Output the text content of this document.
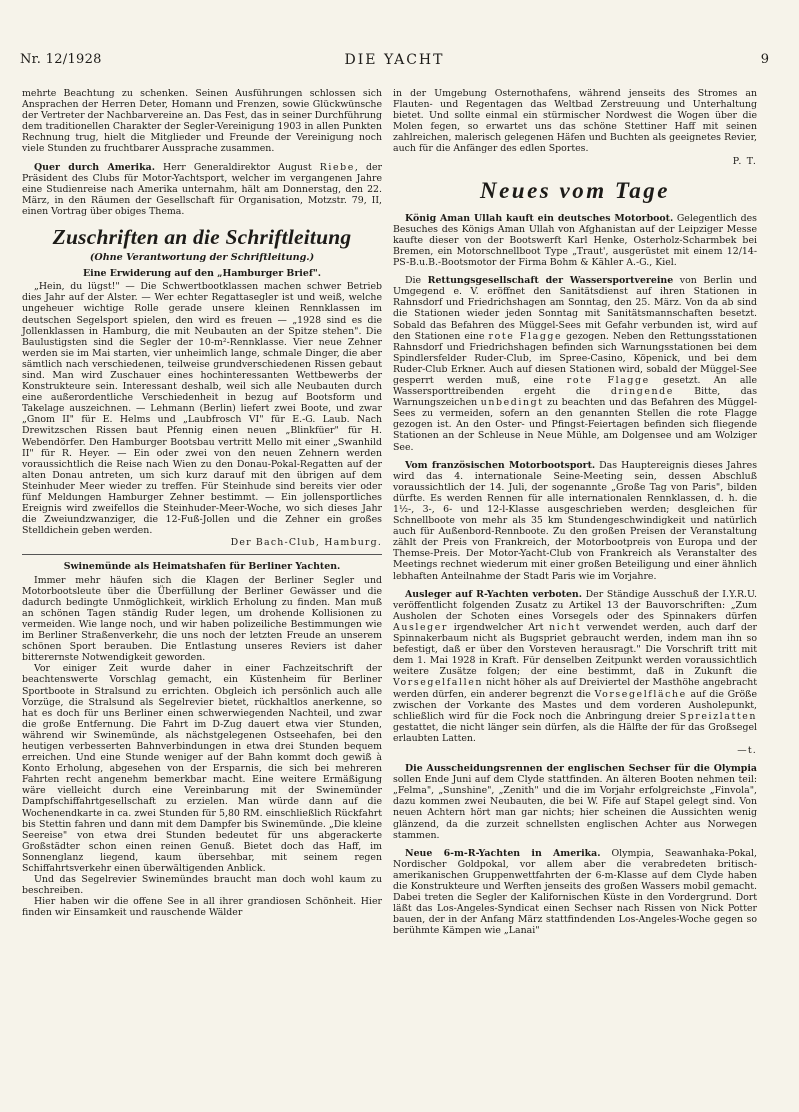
Nr. 12/1928	DIE YACHT	9

mehrte Beachtung zu schenken. Seinen Ausführungen schlossen sich Ansprachen der Herren Deter, Homann und Frenzen, sowie Glückwünsche der Vertreter der Nachbarvereine an. Das Fest, das in seiner Durchführung dem traditionellen Charakter der Segler-Vereinigung 1903 in allen Punkten Rechnung trug, hielt die Mitglieder und Freunde der Vereinigung noch viele Stunden zu fruchtbarer Aussprache zusammen.

Quer durch Amerika. Herr Generaldirektor August Riebe, der Präsident des Clubs für Motor-Yachtsport, welcher im vergangenen Jahre eine Studienreise nach Amerika unternahm, hält am Donnerstag, den 22. März, in den Räumen der Gesellschaft für Organisation, Motzstr. 79, II, einen Vortrag über obiges Thema.

Zuschriften an die Schriftleitung
(Ohne Verantwortung der Schriftleitung.)
Eine Erwiderung auf den „Hamburger Brief".

„Hein, du lügst!" — Die Schwertbootklassen machen schwer Betrieb dies Jahr auf der Alster. — Wer echter Regattasegler ist und weiß, welche ungeheuer wichtige Rolle gerade unsere kleinen Rennklassen im deutschen Segelsport spielen, den wird es freuen — „1928 sind es die Jollenklassen in Hamburg, die mit Neubauten an der Spitze stehen". Die Baulustigsten sind die Segler der 10-m²-Rennklasse. Vier neue Zehner werden sie im Mai starten, vier unheimlich lange, schmale Dinger, die aber sämtlich nach verschiedenen, teilweise grundverschiedenen Rissen gebaut sind. Man wird Zuschauer eines hochinteressanten Wettbewerbs der Konstrukteure sein. Interessant deshalb, weil sich alle Neubauten durch eine außerordentliche Verschiedenheit in bezug auf Bootsform und Takelage auszeichnen. — Lehmann (Berlin) liefert zwei Boote, und zwar „Gnom II" für E. Helms und „Laubfrosch VI" für E.-G. Laub. Nach Drewitzschen Rissen baut Pfennig einen neuen „Blinkfüer" für H. Webendörfer. Den Hamburger Bootsbau vertritt Mello mit einer „Swanhild II" für R. Heyer. — Ein oder zwei von den neuen Zehnern werden voraussichtlich die Reise nach Wien zu den Donau-Pokal-Regatten auf der alten Donau antreten, um sich kurz darauf mit den übrigen auf dem Steinhuder Meer wieder zu treffen. Für Steinhude sind bereits vier oder fünf Meldungen Hamburger Zehner bestimmt. — Ein jollensportliches Ereignis wird zweifellos die Steinhuder-Meer-Woche, wo sich dieses Jahr die Zweiundzwanziger, die 12-Fuß-Jollen und die Zehner ein großes Stelldichein geben werden.

Der Bach-Club, Hamburg.

Swinemünde als Heimatshafen für Berliner Yachten.

Immer mehr häufen sich die Klagen der Berliner Segler und Motorbootsleute über die Überfüllung der Berliner Gewässer und die dadurch bedingte Unmöglichkeit, wirklich Erholung zu finden. Man muß an schönen Tagen ständig Ruder legen, um drohende Kollisionen zu vermeiden. Wie lange noch, und wir haben polizeiliche Bestimmungen wie im Berliner Straßenverkehr, die uns noch der letzten Freude an unserem schönen Sport berauben. Die Entlastung unseres Reviers ist daher bitterernste Notwendigkeit geworden.

Vor einiger Zeit wurde daher in einer Fachzeitschrift der beachtenswerte Vorschlag gemacht, ein Küstenheim für Berliner Sportboote in Stralsund zu errichten. Obgleich ich persönlich auch alle Vorzüge, die Stralsund als Segelrevier bietet, rückhaltlos anerkenne, so hat es doch für uns Berliner einen schwerwiegenden Nachteil, und zwar die große Entfernung. Die Fahrt im D-Zug dauert etwa vier Stunden, während wir Swinemünde, als nächstgelegenen Ostseehafen, bei den heutigen verbesserten Bahnverbindungen in etwa drei Stunden bequem erreichen. Und eine Stunde weniger auf der Bahn kommt doch gewiß à Konto Erholung, abgesehen von der Ersparnis, die sich bei mehreren Fahrten recht angenehm bemerkbar macht. Eine weitere Ermäßigung wäre vielleicht durch eine Vereinbarung mit der Swinemünder Dampfschiffahrtgesellschaft zu erzielen. Man würde dann auf die Wochenendkarte in ca. zwei Stunden für 5,80 RM. einschließlich Rückfahrt bis Stettin fahren und dann mit dem Dampfer bis Swinemünde. „Die kleine Seereise" von etwa drei Stunden bedeutet für uns abgerackerte Großstädter schon einen reinen Genuß. Bietet doch das Haff, im Sonnenglanz liegend, kaum übersehbar, mit seinem regen Schiffahrtsverkehr einen überwältigenden Anblick.

Und das Segelrevier Swinemündes braucht man doch wohl kaum zu beschreiben.

Hier haben wir die offene See in all ihrer grandiosen Schönheit. Hier finden wir Einsamkeit und rauschende Wälder

in der Umgebung Osternothafens, während jenseits des Stromes an Flauten- und Regentagen das Weltbad Zerstreuung und Unterhaltung bietet. Und sollte einmal ein stürmischer Nordwest die Wogen über die Molen fegen, so erwartet uns das schöne Stettiner Haff mit seinen zahlreichen, malerisch gelegenen Häfen und Buchten als geeignetes Revier, auch für die Anfänger des edlen Sportes.

P. T.

Neues vom Tage

König Aman Ullah kauft ein deutsches Motorboot. Gelegentlich des Besuches des Königs Aman Ullah von Afghanistan auf der Leipziger Messe kaufte dieser von der Bootswerft Karl Henke, Osterholz-Scharmbek bei Bremen, ein Motorschnellboot Type „Traut', ausgerüstet mit einem 12/14-PS-B.u.B.-Bootsmotor der Firma Bohm & Kähler A.-G., Kiel.

Die Rettungsgesellschaft der Wassersportvereine von Berlin und Umgegend e. V. eröffnet den Sanitätsdienst auf ihren Stationen in Rahnsdorf und Friedrichshagen am Sonntag, den 25. März. Von da ab sind die Stationen wieder jeden Sonntag mit Sanitätsmannschaften besetzt. Sobald das Befahren des Müggel-Sees mit Gefahr verbunden ist, wird auf den Stationen eine rote Flagge gezogen. Neben den Rettungsstationen Rahnsdorf und Friedrichshagen befinden sich Warnungsstationen bei dem Spindlersfelder Ruder-Club, im Spree-Casino, Köpenick, und bei dem Ruder-Club Erkner. Auch auf diesen Stationen wird, sobald der Müggel-See gesperrt werden muß, eine rote Flagge gesetzt. An alle Wassersporttreibenden ergeht die dringende Bitte, das Warnungszeichen unbedingt zu beachten und das Befahren des Müggel-Sees zu vermeiden, sofern an den genannten Stellen die rote Flagge gezogen ist. An den Oster- und Pfingst-Feiertagen befinden sich fliegende Stationen an der Schleuse in Neue Mühle, am Dolgensee und am Wolziger See.

Vom französischen Motorbootsport. Das Hauptereignis dieses Jahres wird das 4. internationale Seine-Meeting sein, dessen Abschluß voraussichtlich der 14. Juli, der sogenannte „Große Tag von Paris", bilden dürfte. Es werden Rennen für alle internationalen Rennklassen, d. h. die 1½-, 3-, 6- und 12-l-Klasse ausgeschrieben werden; desgleichen für Schnellboote von mehr als 35 km Stundengeschwindigkeit und natürlich auch für Außenbord-Rennboote. Zu den großen Preisen der Veranstaltung zählt der Preis von Frankreich, der Motorbootpreis von Europa und der Themse-Preis. Der Motor-Yacht-Club von Frankreich als Veranstalter des Meetings rechnet wiederum mit einer großen Beteiligung und einer ähnlich lebhaften Anteilnahme der Stadt Paris wie im Vorjahre.

Ausleger auf R-Yachten verboten. Der Ständige Ausschuß der I.Y.R.U. veröffentlicht folgenden Zusatz zu Artikel 13 der Bauvorschriften: „Zum Ausholen der Schoten eines Vorsegels oder des Spinnakers dürfen Ausleger irgendwelcher Art nicht verwendet werden, auch darf der Spinnakerbaum nicht als Bugspriet gebraucht werden, indem man ihn so befestigt, daß er über den Vorsteven herausragt." Die Vorschrift tritt mit dem 1. Mai 1928 in Kraft. Für denselben Zeitpunkt werden voraussichtlich weitere Zusätze folgen; der eine bestimmt, daß in Zukunft die Vorsegelfallen nicht höher als auf Dreiviertel der Masthöhe angebracht werden dürfen, ein anderer begrenzt die Vorsegelfläche auf die Größe zwischen der Vorkante des Mastes und dem vorderen Ausholepunkt, schließlich wird für die Fock noch die Anbringung dreier Spreizlatten gestattet, die nicht länger sein dürfen, als die Hälfte der für das Großsegel erlaubten Latten.

—t.

Die Ausscheidungsrennen der englischen Sechser für die Olympia sollen Ende Juni auf dem Clyde stattfinden. An älteren Booten nehmen teil: „Felma", „Sunshine", „Zenith" und die im Vorjahr erfolgreichste „Finvola", dazu kommen zwei Neubauten, die bei W. Fife auf Stapel gelegt sind. Von neuen Achtern hört man gar nichts; hier scheinen die Aussichten wenig glänzend, da die zurzeit schnellsten englischen Achter aus Norwegen stammen.

Neue 6-m-R-Yachten in Amerika. Olympia, Seawanhaka-Pokal, Nordischer Goldpokal, vor allem aber die verabredeten britisch-amerikanischen Gruppenwettfahrten der 6-m-Klasse auf dem Clyde haben die Konstrukteure und Werften jenseits des großen Wassers mobil gemacht. Dabei treten die Segler der Kalifornischen Küste in den Vordergrund. Dort läßt das Los-Angeles-Syndicat einen Sechser nach Rissen von Nick Potter bauen, der in der Anfang März stattfindenden Los-Angeles-Woche gegen so berühmte Kämpen wie „Lanai"
